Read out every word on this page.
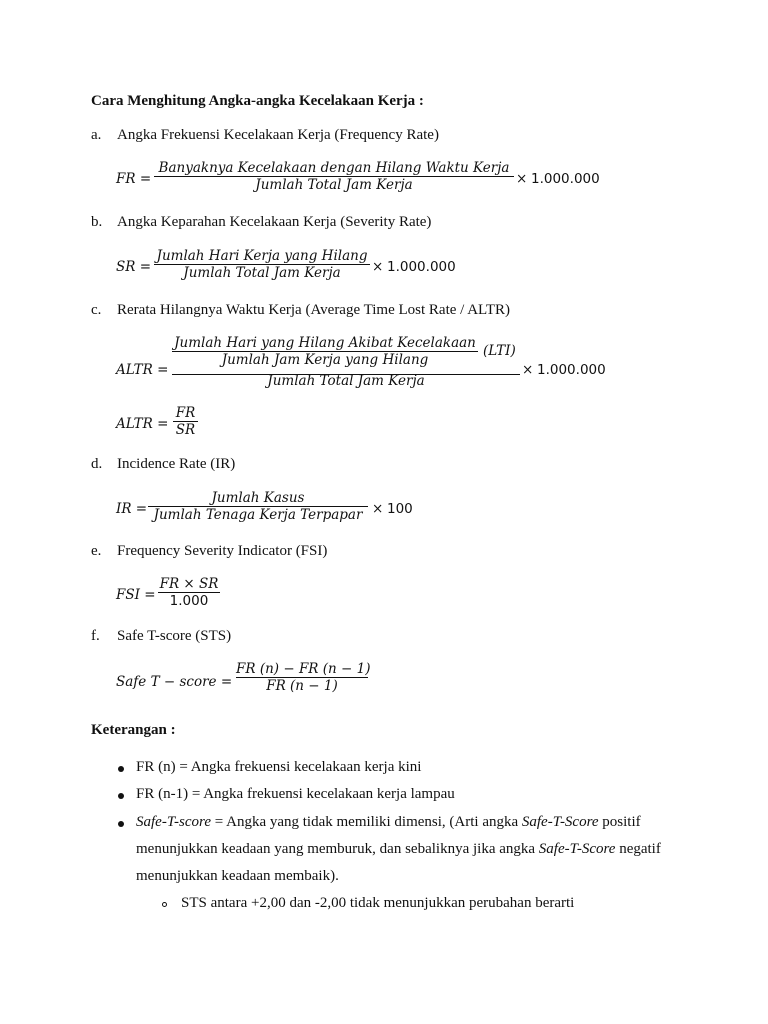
Cara Menghitung Angka-angka Kecelakaan Kerja :
a. Angka Frekuensi Kecelakaan Kerja (Frequency Rate)
FR =
Banyaknya Kecelakaan dengan Hilang Waktu Kerja
Jumlah Total Jam Kerja	× 1.000.000
b. Angka Keparahan Kecelakaan Kerja (Severity Rate)
SR =
Jumlah Hari Kerja yang Hilang
Jumlah Total Jam Kerja	× 1.000.000
c. Rerata Hilangnya Waktu Kerja (Average Time Lost Rate / ALTR)
ALTR =
Jumlah Hari yang Hilang Akibat Kecelakaan
Jumlah Jam Kerja yang Hilang
(LTI)
Jumlah Total Jam Kerja
× 1.000.000
ALTR =
FR
SR
d. Incidence Rate (IR)
IR =
Jumlah Kasus
Jumlah Tenaga Kerja Terpapar × 100
e. Frequency Severity Indicator (FSI)
FSI =
FR × SR
1.000
f. Safe T-score (STS)
Safe T − score =
FR (n) − FR (n − 1)
FR (n − 1)
Keterangan :
FR (n) = Angka frekuensi kecelakaan kerja kini
FR (n-1) = Angka frekuensi kecelakaan kerja lampau
Safe-T-score = Angka yang tidak memiliki dimensi, (Arti angka Safe-T-Score positif
menunjukkan keadaan yang memburuk, dan sebaliknya jika angka Safe-T-Score negatif
menunjukkan keadaan membaik).
STS antara +2,00 dan -2,00 tidak menunjukkan perubahan berarti
